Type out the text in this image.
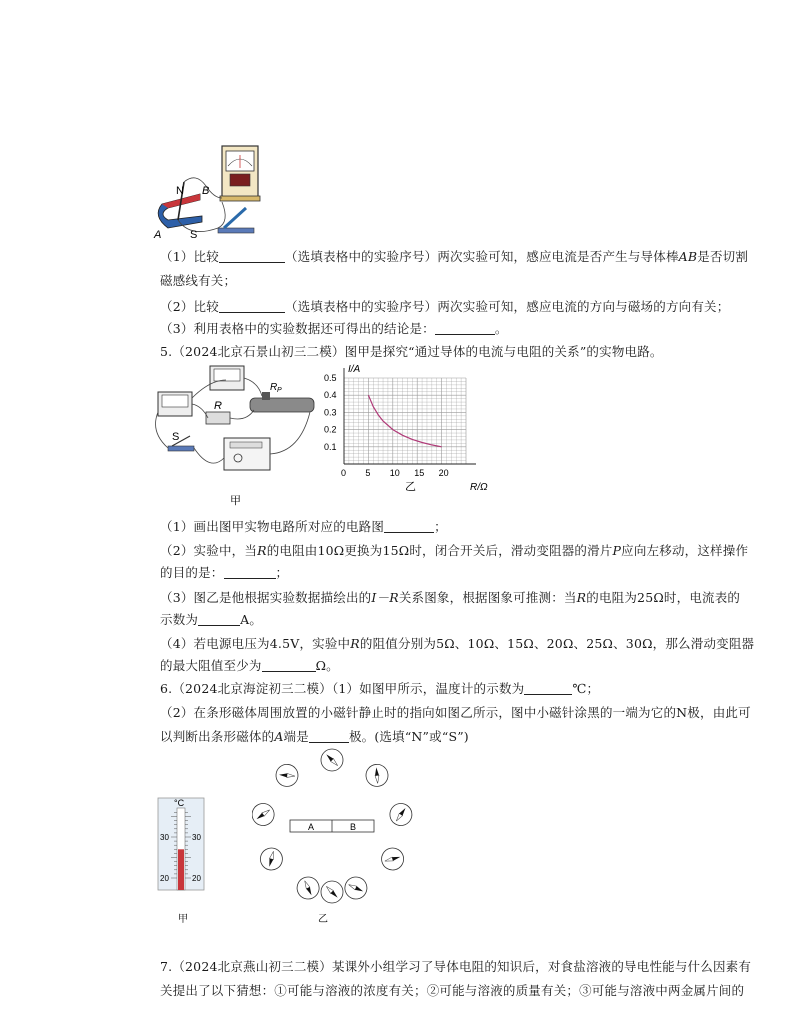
N B
A	S
（1）比较	（选填表格中的实验序号）两次实验可知，感应电流是否产生与导体棒AB是否切割
磁感线有关；
（2）比较	（选填表格中的实验序号）两次实验可知，感应电流的方向与磁场的方向有关；
（3）利用表格中的实验数据还可得出的结论是：	。
5.（2024北京石景山初三二模）图甲是探究“通过导体的电流与电阻的关系”的实物电路。
R
R P
S
甲
0 5 10 15 20
0.1
0.2
0.3
0.4
0.5
I/A
R/Ω
乙
（1）画出图甲实物电路所对应的电路图	；
（2）实验中，当R的电阻由10Ω更换为15Ω时，闭合开关后，滑动变阻器的滑片P应向左移动，这样操作
的目的是：	；
（3）图乙是他根据实验数据描绘出的I－R关系图象，根据图象可推测：当R的电阻为25Ω时，电流表的
示数为	A。
（4）若电源电压为4.5V，实验中R的阻值分别为5Ω、10Ω、15Ω、20Ω、25Ω、30Ω，那么滑动变阻器
的最大阻值至少为	Ω。
6.（2024北京海淀初三二模）（1）如图甲所示，温度计的示数为	℃；
（2）在条形磁体周围放置的小磁针静止时的指向如图乙所示，图中小磁针涂黑的一端为它的N极，由此可
以判断出条形磁体的A端是	极。(选填“N”或“S”)
°C
30	30
20	20
甲
A	B
乙
7.（2024北京燕山初三二模）某课外小组学习了导体电阻的知识后，对食盐溶液的导电性能与什么因素有
关提出了以下猜想：①可能与溶液的浓度有关；②可能与溶液的质量有关；③可能与溶液中两金属片间的
